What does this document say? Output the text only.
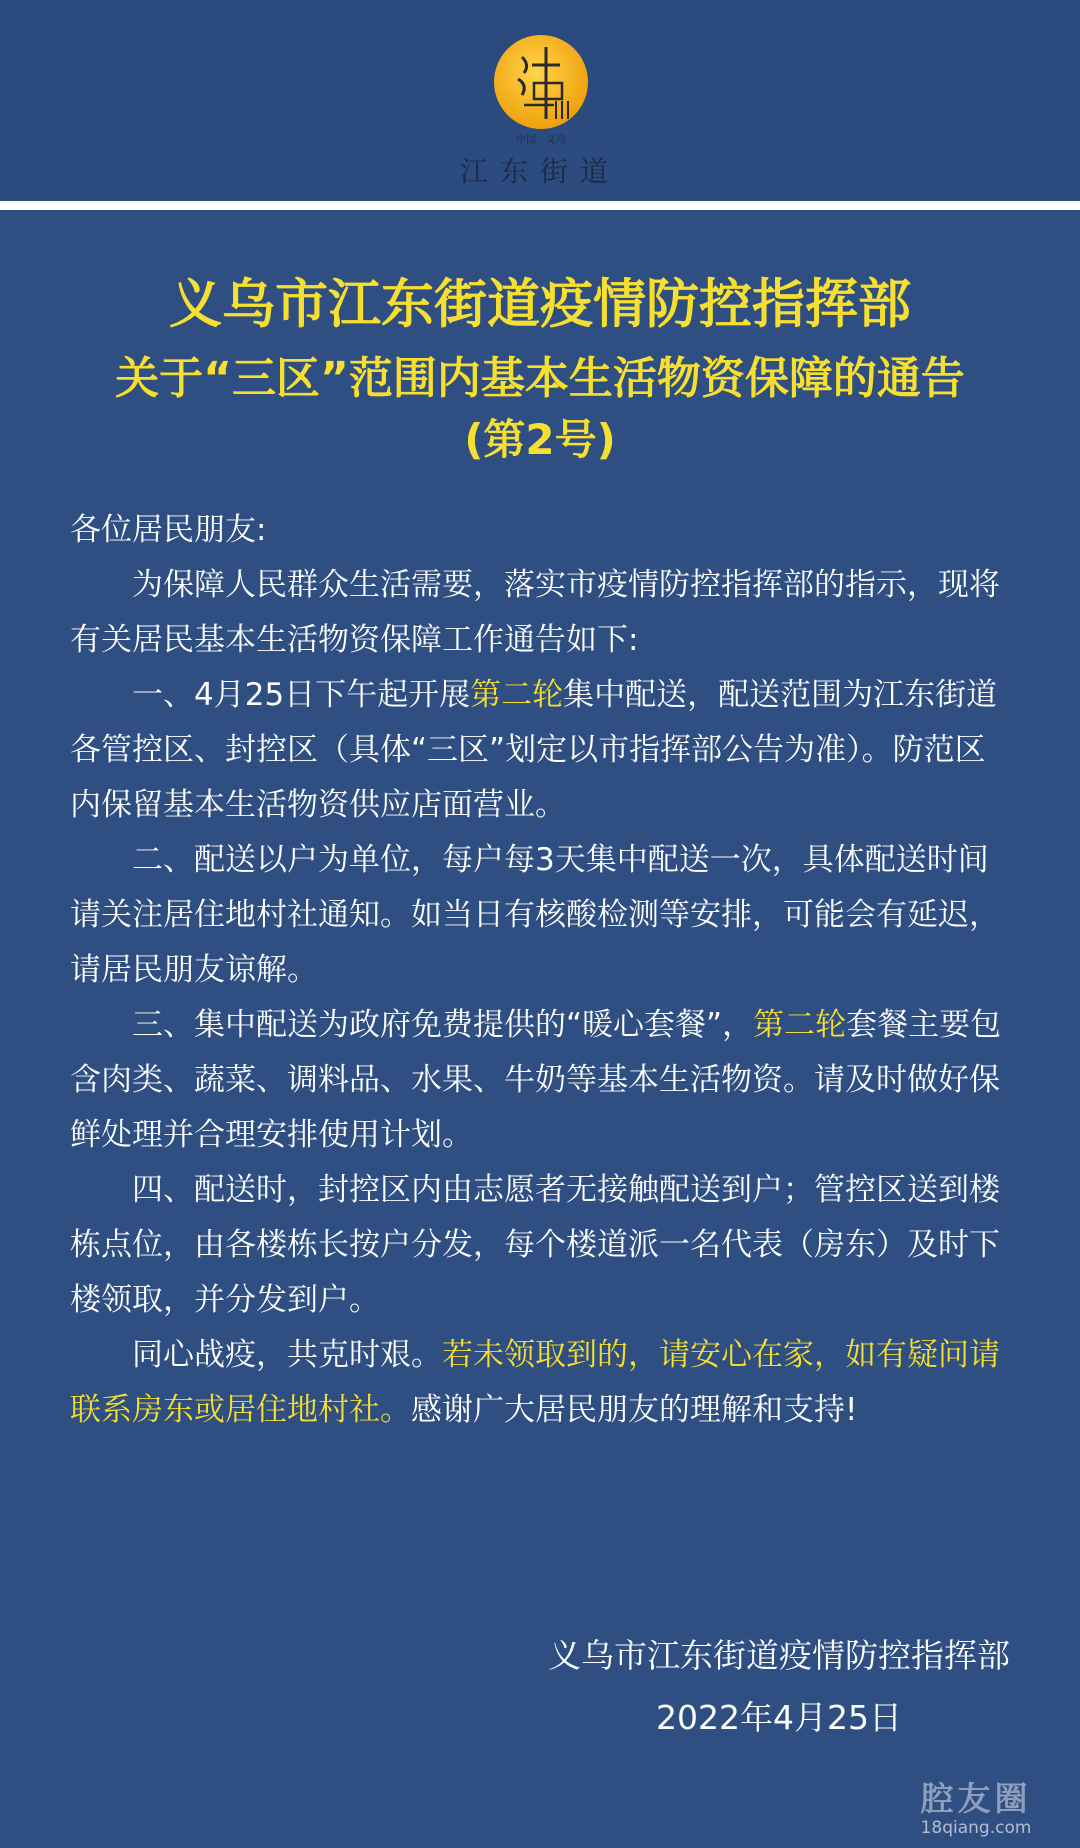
中国 · 义乌
江东街道
义乌市江东街道疫情防控指挥部
关于“三区”范围内基本生活物资保障的通告
(第2号)

各位居民朋友:

为保障人民群众生活需要，落实市疫情防控指挥部的指示，现将有关居民基本生活物资保障工作通告如下:

一、4月25日下午起开展第二轮集中配送，配送范围为江东街道各管控区、封控区（具体“三区”划定以市指挥部公告为准）。防范区内保留基本生活物资供应店面营业。

二、配送以户为单位，每户每3天集中配送一次，具体配送时间请关注居住地村社通知。如当日有核酸检测等安排，可能会有延迟，请居民朋友谅解。

三、集中配送为政府免费提供的“暖心套餐”，第二轮套餐主要包含肉类、蔬菜、调料品、水果、牛奶等基本生活物资。请及时做好保鲜处理并合理安排使用计划。

四、配送时，封控区内由志愿者无接触配送到户；管控区送到楼栋点位，由各楼栋长按户分发，每个楼道派一名代表（房东）及时下楼领取，并分发到户。

同心战疫，共克时艰。若未领取到的，请安心在家，如有疑问请联系房东或居住地村社。感谢广大居民朋友的理解和支持!

义乌市江东街道疫情防控指挥部
2022年4月25日
腔友圈
18qiang.com
